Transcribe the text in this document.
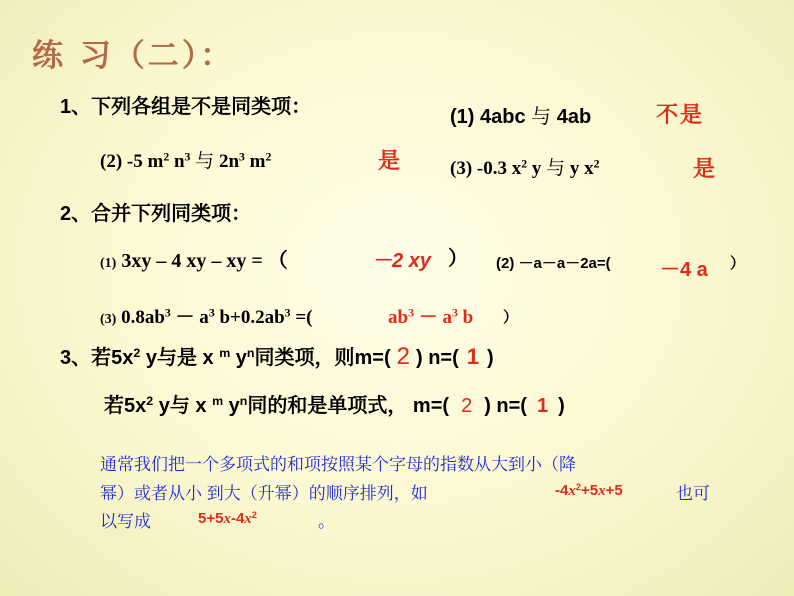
练 习（二）：
1、下列各组是不是同类项：	(1) 4abc 与 4ab	不是
(2) -5 $m^2$ $n^3$ 与 $2n^3$ $m^2$	是	(3) -0.3 $x^2$ y 与 y $x^2$	是
2、合并下列同类项：
(1) 3xy – 4 xy – xy = （	－2 xy ） (2) －a－a－2a=( －4 a ）
(3) $0.8ab^3 - a^3$ $b+0.2ab^3$ =(	$ab^3 - a^3$ b ）
3、若$5x^2$ y与是 x $^m$ $y^n$同类项，则m=( 2 ) n=( 1 )
若$5x^2$ y与 x $^m$ $y^n$同的和是单项式， m=( 2 ) n=( 1 )
通常我们把一个多项式的和项按照某个字母的指数从大到小（降
幂）或者从小 到大（升幂）的顺序排列，如	$-4x^2+5x+5$	也可
以写成	$5+5x-4x^2$	。
